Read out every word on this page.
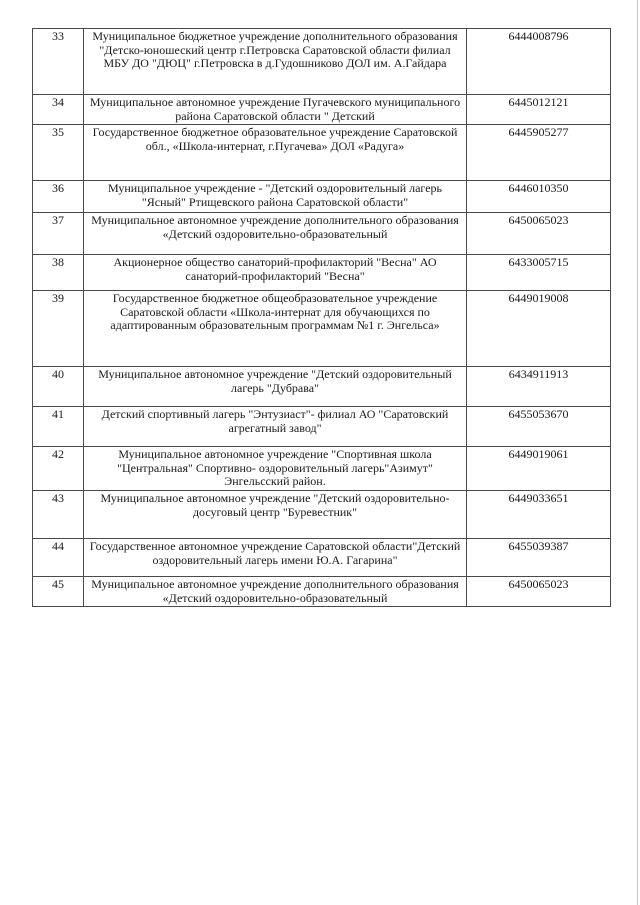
33	Муниципальное бюджетное учреждение дополнительного образования "Детско-юношеский центр г.Петровска Саратовской области филиал МБУ ДО "ДЮЦ" г.Петровска в д.Гудошниково ДОЛ им. А.Гайдара	6444008796
34	Муниципальное автономное учреждение Пугачевского муниципального района Саратовской области " Детский	6445012121
35	Государственное бюджетное образовательное учреждение Саратовской обл., «Школа-интернат, г.Пугачева» ДОЛ «Радуга»	6445905277
36	Муниципальное учреждение - "Детский оздоровительный лагерь "Ясный" Ртищевского района Саратовской области"	6446010350
37	Муниципальное автономное учреждение дополнительного образования «Детский оздоровительно-образовательный	6450065023
38	Акционерное общество санаторий-профилакторий "Весна" АО санаторий-профилакторий "Весна"	6433005715
39	Государственное бюджетное общеобразовательное учреждение Саратовской области «Школа-интернат для обучающихся по адаптированным образовательным программам №1 г. Энгельса»	6449019008
40	Муниципальное автономное учреждение "Детский оздоровительный лагерь "Дубрава"	6434911913
41	Детский спортивный лагерь "Энтузиаст"- филиал АО "Саратовский агрегатный завод"	6455053670
42	Муниципальное автономное учреждение "Спортивная школа "Центральная" Спортивно- оздоровительный лагерь"Азимут" Энгельсский район.	6449019061
43	Муниципальное автономное учреждение "Детский оздоровительно-досуговый центр "Буревестник"	6449033651
44	Государственное автономное учреждение Саратовской области"Детский оздоровительный лагерь имени Ю.А. Гагарина"	6455039387
45	Муниципальное автономное учреждение дополнительного образования «Детский оздоровительно-образовательный	6450065023
